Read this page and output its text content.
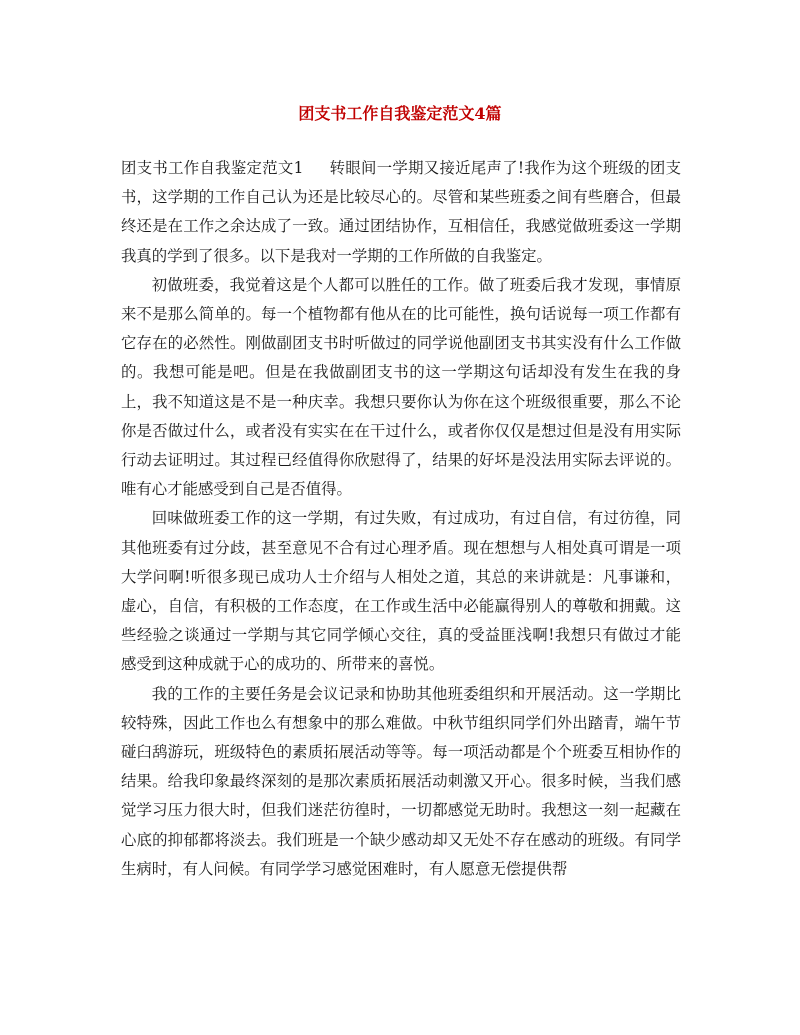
团支书工作自我鉴定范文4篇

团支书工作自我鉴定范文1 转眼间一学期又接近尾声了!我作为这个班级的团支书，这学期的工作自己认为还是比较尽心的。尽管和某些班委之间有些磨合，但最终还是在工作之余达成了一致。通过团结协作，互相信任，我感觉做班委这一学期我真的学到了很多。以下是我对一学期的工作所做的自我鉴定。

初做班委，我觉着这是个人都可以胜任的工作。做了班委后我才发现，事情原来不是那么简单的。每一个植物都有他从在的比可能性，换句话说每一项工作都有它存在的必然性。刚做副团支书时听做过的同学说他副团支书其实没有什么工作做的。我想可能是吧。但是在我做副团支书的这一学期这句话却没有发生在我的身上，我不知道这是不是一种庆幸。我想只要你认为你在这个班级很重要，那么不论你是否做过什么，或者没有实实在在干过什么，或者你仅仅是想过但是没有用实际行动去证明过。其过程已经值得你欣慰得了，结果的好坏是没法用实际去评说的。唯有心才能感受到自己是否值得。

回味做班委工作的这一学期，有过失败，有过成功，有过自信，有过彷徨，同其他班委有过分歧，甚至意见不合有过心理矛盾。现在想想与人相处真可谓是一项大学问啊!听很多现已成功人士介绍与人相处之道，其总的来讲就是：凡事谦和，虚心，自信，有积极的工作态度，在工作或生活中必能赢得别人的尊敬和拥戴。这些经验之谈通过一学期与其它同学倾心交往，真的受益匪浅啊!我想只有做过才能感受到这种成就于心的成功的、所带来的喜悦。

我的工作的主要任务是会议记录和协助其他班委组织和开展活动。这一学期比较特殊，因此工作也么有想象中的那么难做。中秋节组织同学们外出踏青，端午节碰臼鸹游玩，班级特色的素质拓展活动等等。每一项活动都是个个班委互相协作的结果。给我印象最终深刻的是那次素质拓展活动刺激又开心。很多时候，当我们感觉学习压力很大时，但我们迷茫彷徨时，一切都感觉无助时。我想这一刻一起藏在心底的抑郁都将淡去。我们班是一个缺少感动却又无处不存在感动的班级。有同学生病时，有人问候。有同学学习感觉困难时，有人愿意无偿提供帮
